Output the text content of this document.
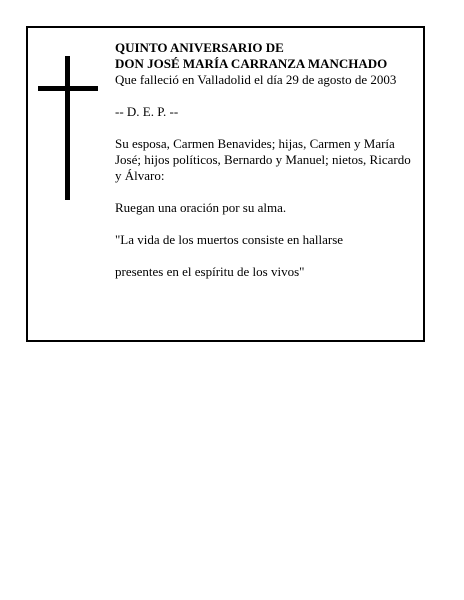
QUINTO ANIVERSARIO DE

DON JOSÉ MARÍA CARRANZA MANCHADO

Que falleció en Valladolid el día 29 de agosto de 2003

-- D. E. P. --

Su esposa, Carmen Benavides; hijas, Carmen y María José; hijos políticos, Bernardo y Manuel; nietos, Ricardo y Álvaro:

Ruegan una oración por su alma.

"La vida de los muertos consiste en hallarse

presentes en el espíritu de los vivos"
